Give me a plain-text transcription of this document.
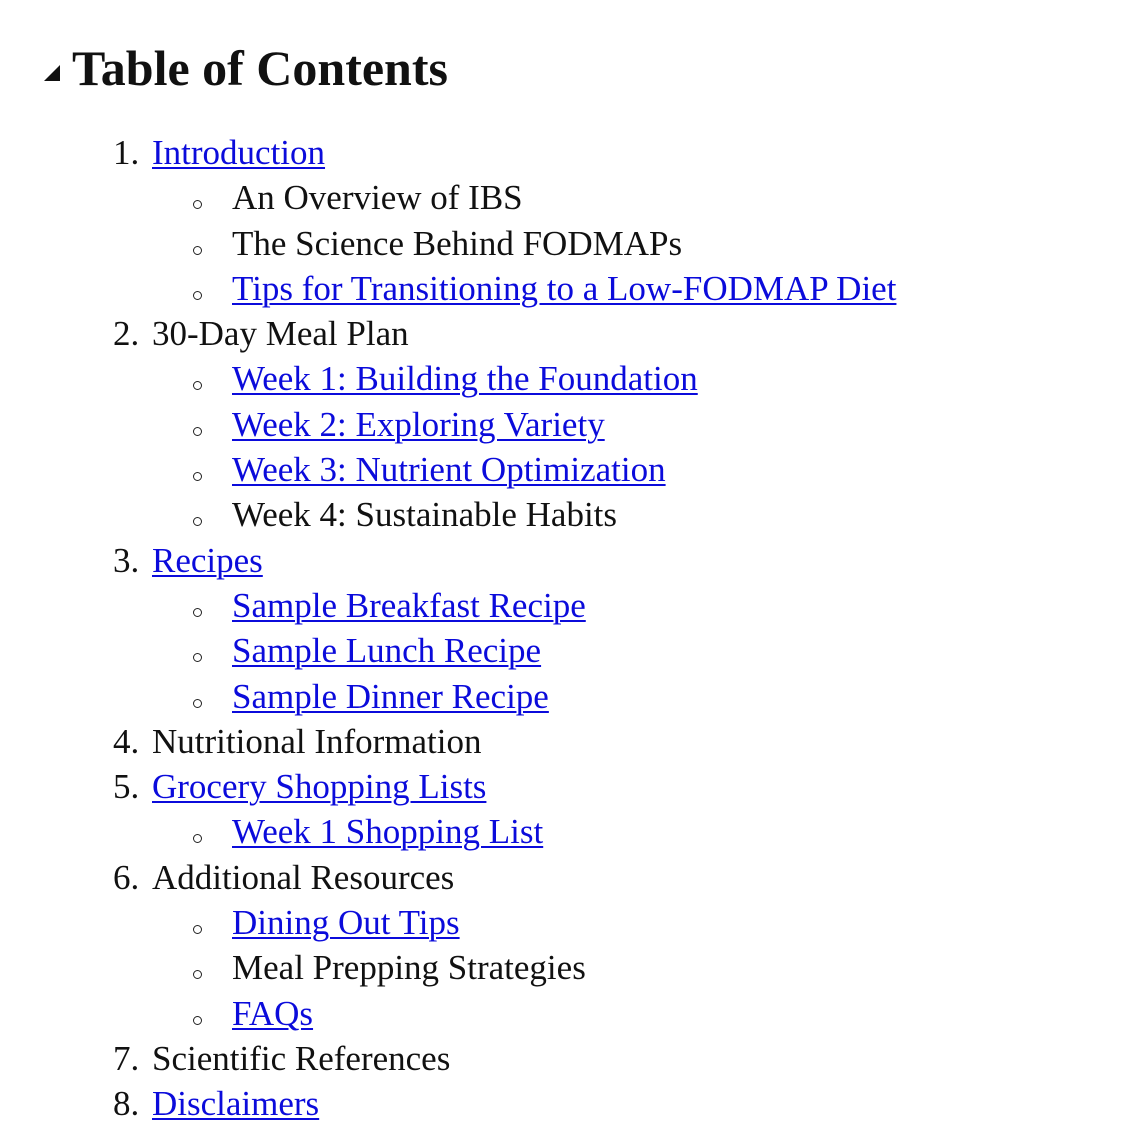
Table of Contents
1. Introduction
An Overview of IBS
The Science Behind FODMAPs
Tips for Transitioning to a Low-FODMAP Diet
2. 30-Day Meal Plan
Week 1: Building the Foundation
Week 2: Exploring Variety
Week 3: Nutrient Optimization
Week 4: Sustainable Habits
3. Recipes
Sample Breakfast Recipe
Sample Lunch Recipe
Sample Dinner Recipe
4. Nutritional Information
5. Grocery Shopping Lists
Week 1 Shopping List
6. Additional Resources
Dining Out Tips
Meal Prepping Strategies
FAQs
7. Scientific References
8. Disclaimers
